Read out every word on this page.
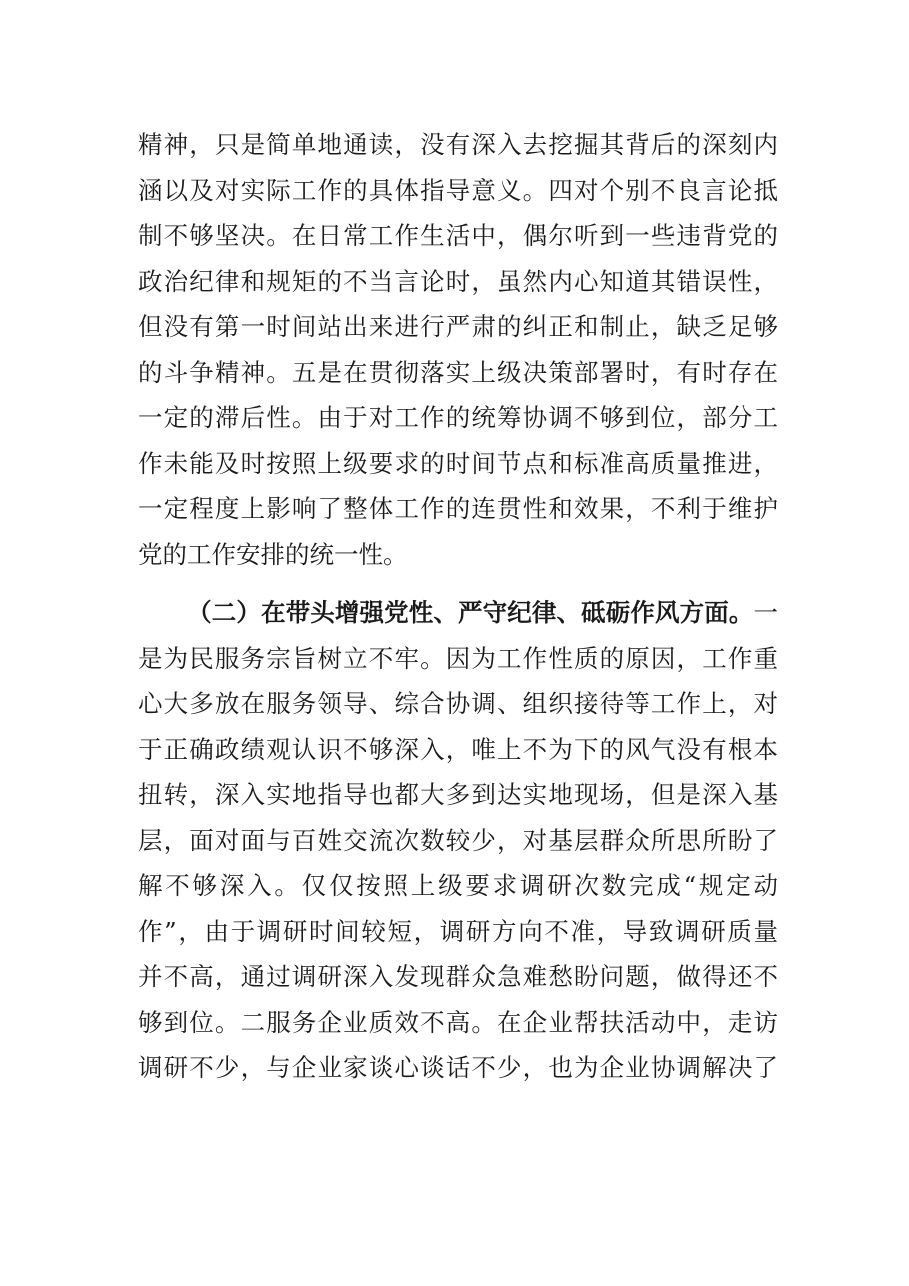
精神，只是简单地通读，没有深入去挖掘其背后的深刻内
涵以及对实际工作的具体指导意义。四对个别不良言论抵
制不够坚决。在日常工作生活中，偶尔听到一些违背党的
政治纪律和规矩的不当言论时，虽然内心知道其错误性，
但没有第一时间站出来进行严肃的纠正和制止，缺乏足够
的斗争精神。五是在贯彻落实上级决策部署时，有时存在
一定的滞后性。由于对工作的统筹协调不够到位，部分工
作未能及时按照上级要求的时间节点和标准高质量推进，
一定程度上影响了整体工作的连贯性和效果，不利于维护
党的工作安排的统一性。
（二）在带头增强党性、严守纪律、砥砺作风方面。一
是为民服务宗旨树立不牢。因为工作性质的原因，工作重
心大多放在服务领导、综合协调、组织接待等工作上，对
于正确政绩观认识不够深入，唯上不为下的风气没有根本
扭转，深入实地指导也都大多到达实地现场，但是深入基
层，面对面与百姓交流次数较少，对基层群众所思所盼了
解不够深入。仅仅按照上级要求调研次数完成“规定动
作”，由于调研时间较短，调研方向不准，导致调研质量
并不高，通过调研深入发现群众急难愁盼问题，做得还不
够到位。二服务企业质效不高。在企业帮扶活动中，走访
调研不少，与企业家谈心谈话不少，也为企业协调解决了
